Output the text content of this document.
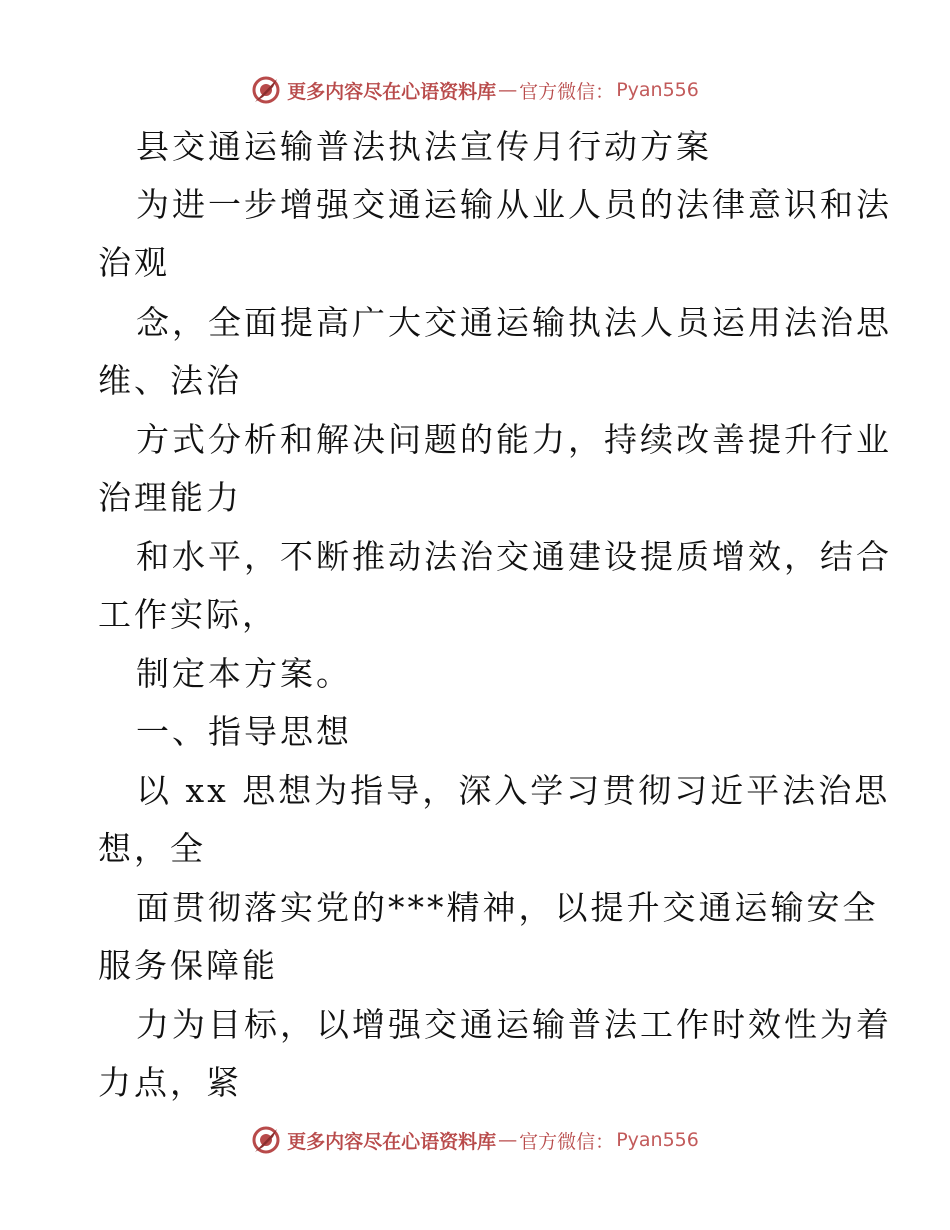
更多内容尽在心语资料库 — 官方微信： Pyan556
县交通运输普法执法宣传月行动方案
为进一步增强交通运输从业人员的法律意识和法
治观
念，全面提高广大交通运输执法人员运用法治思
维、法治
方式分析和解决问题的能力，持续改善提升行业
治理能力
和水平，不断推动法治交通建设提质增效，结合
工作实际，
制定本方案。
一、指导思想
以 xx 思想为指导，深入学习贯彻习近平法治思
想，全
面贯彻落实党的***精神，以提升交通运输安全
服务保障能
力为目标，以增强交通运输普法工作时效性为着
力点，紧
更多内容尽在心语资料库 — 官方微信： Pyan556
